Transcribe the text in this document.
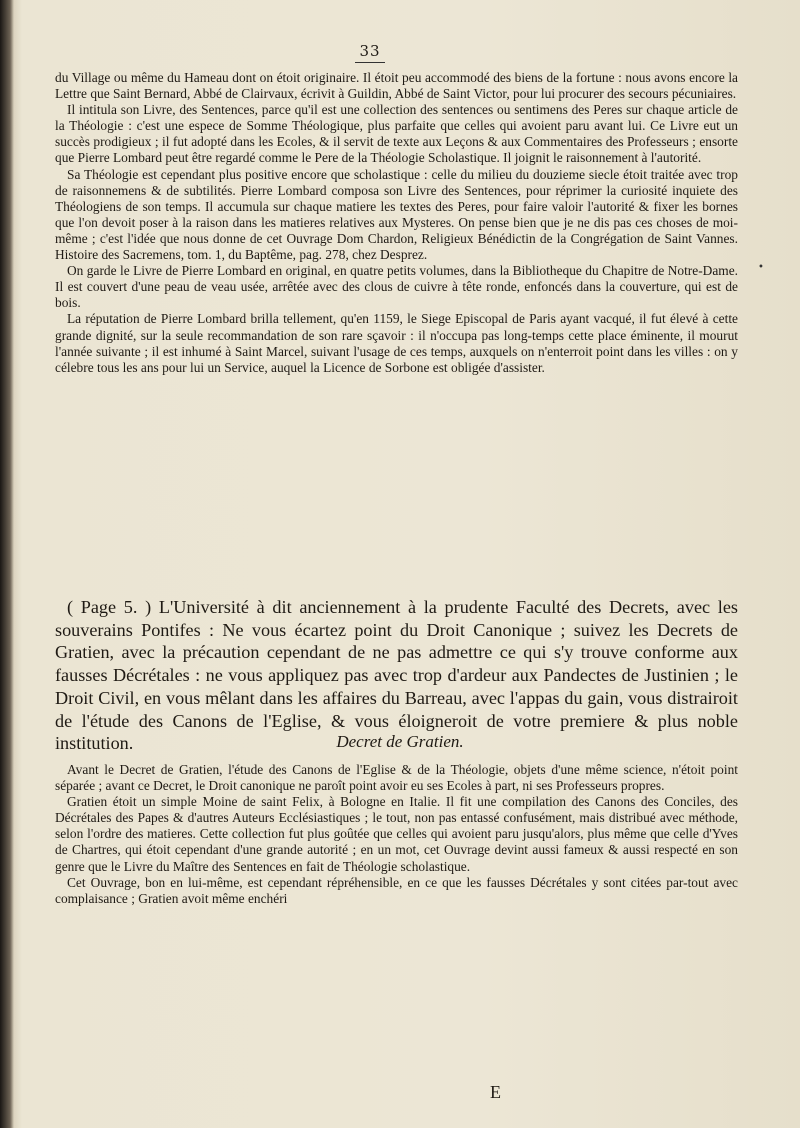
33

du Village ou même du Hameau dont on étoit originaire. Il étoit peu accommodé des biens de la fortune : nous avons encore la Lettre que Saint Bernard, Abbé de Clairvaux, écrivit à Guildin, Abbé de Saint Victor, pour lui procurer des secours pécuniaires.

Il intitula son Livre, des Sentences, parce qu'il est une collection des sentences ou sentimens des Peres sur chaque article de la Théologie : c'est une espece de Somme Théologique, plus parfaite que celles qui avoient paru avant lui. Ce Livre eut un succès prodigieux ; il fut adopté dans les Ecoles, & il servit de texte aux Leçons & aux Commentaires des Professeurs ; ensorte que Pierre Lombard peut être regardé comme le Pere de la Théologie Scholastique. Il joignit le raisonnement à l'autorité.

Sa Théologie est cependant plus positive encore que scholastique : celle du milieu du douzieme siecle étoit traitée avec trop de raisonnemens & de subtilités. Pierre Lombard composa son Livre des Sentences, pour réprimer la curiosité inquiete des Théologiens de son temps. Il accumula sur chaque matiere les textes des Peres, pour faire valoir l'autorité & fixer les bornes que l'on devoit poser à la raison dans les matieres relatives aux Mysteres. On pense bien que je ne dis pas ces choses de moi-même ; c'est l'idée que nous donne de cet Ouvrage Dom Chardon, Religieux Bénédictin de la Congrégation de Saint Vannes. Histoire des Sacremens, tom. 1, du Baptême, pag. 278, chez Desprez.

On garde le Livre de Pierre Lombard en original, en quatre petits volumes, dans la Bibliotheque du Chapitre de Notre-Dame. Il est couvert d'une peau de veau usée, arrêtée avec des clous de cuivre à tête ronde, enfoncés dans la couverture, qui est de bois.

La réputation de Pierre Lombard brilla tellement, qu'en 1159, le Siege Episcopal de Paris ayant vacqué, il fut élevé à cette grande dignité, sur la seule recommandation de son rare sçavoir : il n'occupa pas long-temps cette place éminente, il mourut l'année suivante ; il est inhumé à Saint Marcel, suivant l'usage de ces temps, auxquels on n'enterroit point dans les villes : on y célebre tous les ans pour lui un Service, auquel la Licence de Sorbone est obligée d'assister.

•

( Page 5. ) L'Université à dit anciennement à la prudente Faculté des Decrets, avec les souverains Pontifes : Ne vous écartez point du Droit Canonique ; suivez les Decrets de Gratien, avec la précaution cependant de ne pas admettre ce qui s'y trouve conforme aux fausses Décrétales : ne vous appliquez pas avec trop d'ardeur aux Pandectes de Justinien ; le Droit Civil, en vous mêlant dans les affaires du Barreau, avec l'appas du gain, vous distrairoit de l'étude des Canons de l'Eglise, & vous éloigneroit de votre premiere & plus noble institution.	Decret de Gratien.

Avant le Decret de Gratien, l'étude des Canons de l'Eglise & de la Théologie, objets d'une même science, n'étoit point séparée ; avant ce Decret, le Droit canonique ne paroît point avoir eu ses Ecoles à part, ni ses Professeurs propres.

Gratien étoit un simple Moine de saint Felix, à Bologne en Italie. Il fit une compilation des Canons des Conciles, des Décrétales des Papes & d'autres Auteurs Ecclésiastiques ; le tout, non pas entassé confusément, mais distribué avec méthode, selon l'ordre des matieres. Cette collection fut plus goûtée que celles qui avoient paru jusqu'alors, plus même que celle d'Yves de Chartres, qui étoit cependant d'une grande autorité ; en un mot, cet Ouvrage devint aussi fameux & aussi respecté en son genre que le Livre du Maître des Sentences en fait de Théologie scholastique.

Cet Ouvrage, bon en lui-même, est cependant répréhensible, en ce que les fausses Décrétales y sont citées par-tout avec complaisance ; Gratien avoit même enchéri

E
